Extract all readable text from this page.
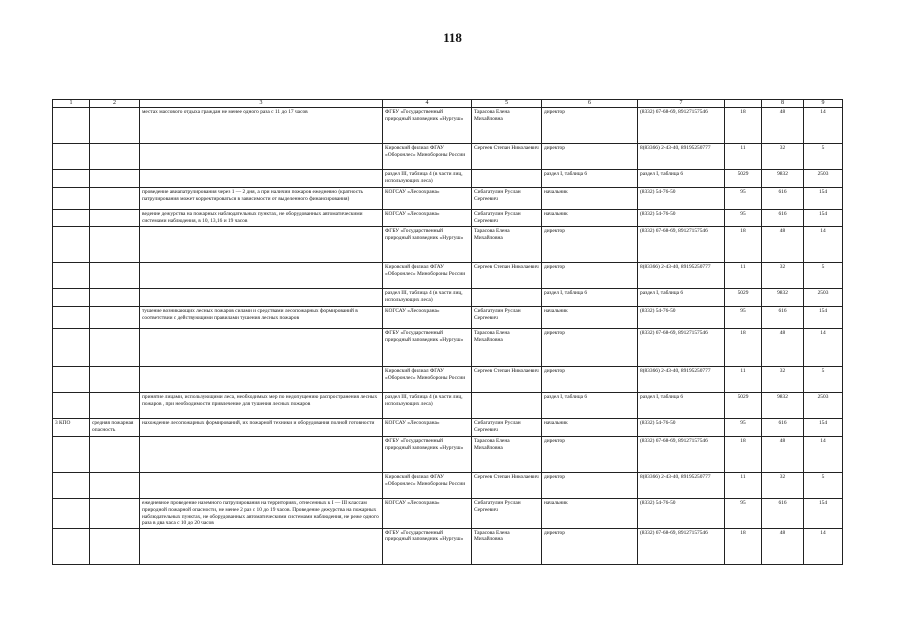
118
1	2	3	4	5	6	7		8	9
		местах массового отдыха граждан не менее одного раза с 11 до 17 часов	ФГБУ «Государственный природный заповедник «Нургуш»	Тарасова Елена Михайловна	директор	(8332) 67-68-69, 89127157546	18	48	14
			Кировский филиал ФГАУ «Оборонлес» Минобороны России	Сергеев Степан Николаевич	директор	8(83366) 2-43-40, 89195250777	11	32	5
			раздел III, таблица 4 (в части лиц, использующих леса)		раздел I, таблица 6	раздел I, таблица 6	5029	9832	2503
		проведение авиапатрулирования через 1 — 2 дня, а при наличии пожаров ежедневно (кратность патрулирования может корректироваться в зависимости от выделенного финансирования)	КОГСАУ «Лесоохрана»	Сибагатулин Руслан Сергеевич	начальник	(8332) 54-76-50	95	616	154
		ведение дежурства на пожарных наблюдательных пунктах, не оборудованных автоматическими системами наблюдения, в 10, 13,16 и 19 часов	КОГСАУ «Лесоохрана»	Сибагатулин Руслан Сергеевич	начальник	(8332) 54-76-50	95	616	154
			ФГБУ «Государственный природный заповедник «Нургуш»	Тарасова Елена Михайловна	директор	(8332) 67-68-69, 89127157546	18	48	14
			Кировский филиал ФГАУ «Оборонлес» Минобороны России	Сергеев Степан Николаевич	директор	8(83366) 2-43-40, 89195250777	11	32	5
			раздел III, таблица 4 (в части лиц, использующих леса)		раздел I, таблица 6	раздел I, таблица 6	5029	9832	2503
		тушение возникающих лесных пожаров силами и средствами лесопожарных формирований в соответствии с действующими правилами тушения лесных пожаров	КОГСАУ «Лесоохрана»	Сибагатулин Руслан Сергеевич	начальник	(8332) 54-76-50	95	616	154
			ФГБУ «Государственный природный заповедник «Нургуш»	Тарасова Елена Михайловна	директор	(8332) 67-68-69, 89127157546	18	48	14
			Кировский филиал ФГАУ «Оборонлес» Минобороны России	Сергеев Степан Николаевич	директор	8(83366) 2-43-40, 89195250777	11	32	5
		принятие лицами, использующими леса, необходимых мер по недопущению распространения лесных пожаров , при необходимости привлечение для тушения лесных пожаров	раздел III, таблица 4 (в части лиц, использующих леса)		раздел I, таблица 6	раздел I, таблица 6	5029	9832	2503
3 КПО	средняя пожарная опасность	нахождение лесопожарных формирований, их пожарной техники и оборудования полной готовности	КОГСАУ «Лесоохрана»	Сибагатулин Руслан Сергеевич	начальник	(8332) 54-76-50	95	616	154
			ФГБУ «Государственный природный заповедник «Нургуш»	Тарасова Елена Михайловна	директор	(8332) 67-68-69, 89127157546	18	48	14
			Кировский филиал ФГАУ «Оборонлес» Минобороны России	Сергеев Степан Николаевич	директор	8(83366) 2-43-40, 89195250777	11	32	5
		ежедневное проведение наземного патрулирования на территориях, отнесенных к I — III классам природной пожарной опасности, не менее 2 раз с 10 до 19 часов. Проведение дежурства на пожарных наблюдательных пунктах, не оборудованных автоматическими системами наблюдения, не реже одного раза в два часа с 10 до 20 часов	КОГСАУ «Лесоохрана»	Сибагатулин Руслан Сергеевич	начальник	(8332) 54-76-50	95	616	154
			ФГБУ «Государственный природный заповедник «Нургуш»	Тарасова Елена Михайловна	директор	(8332) 67-68-69, 89127157546	18	48	14
